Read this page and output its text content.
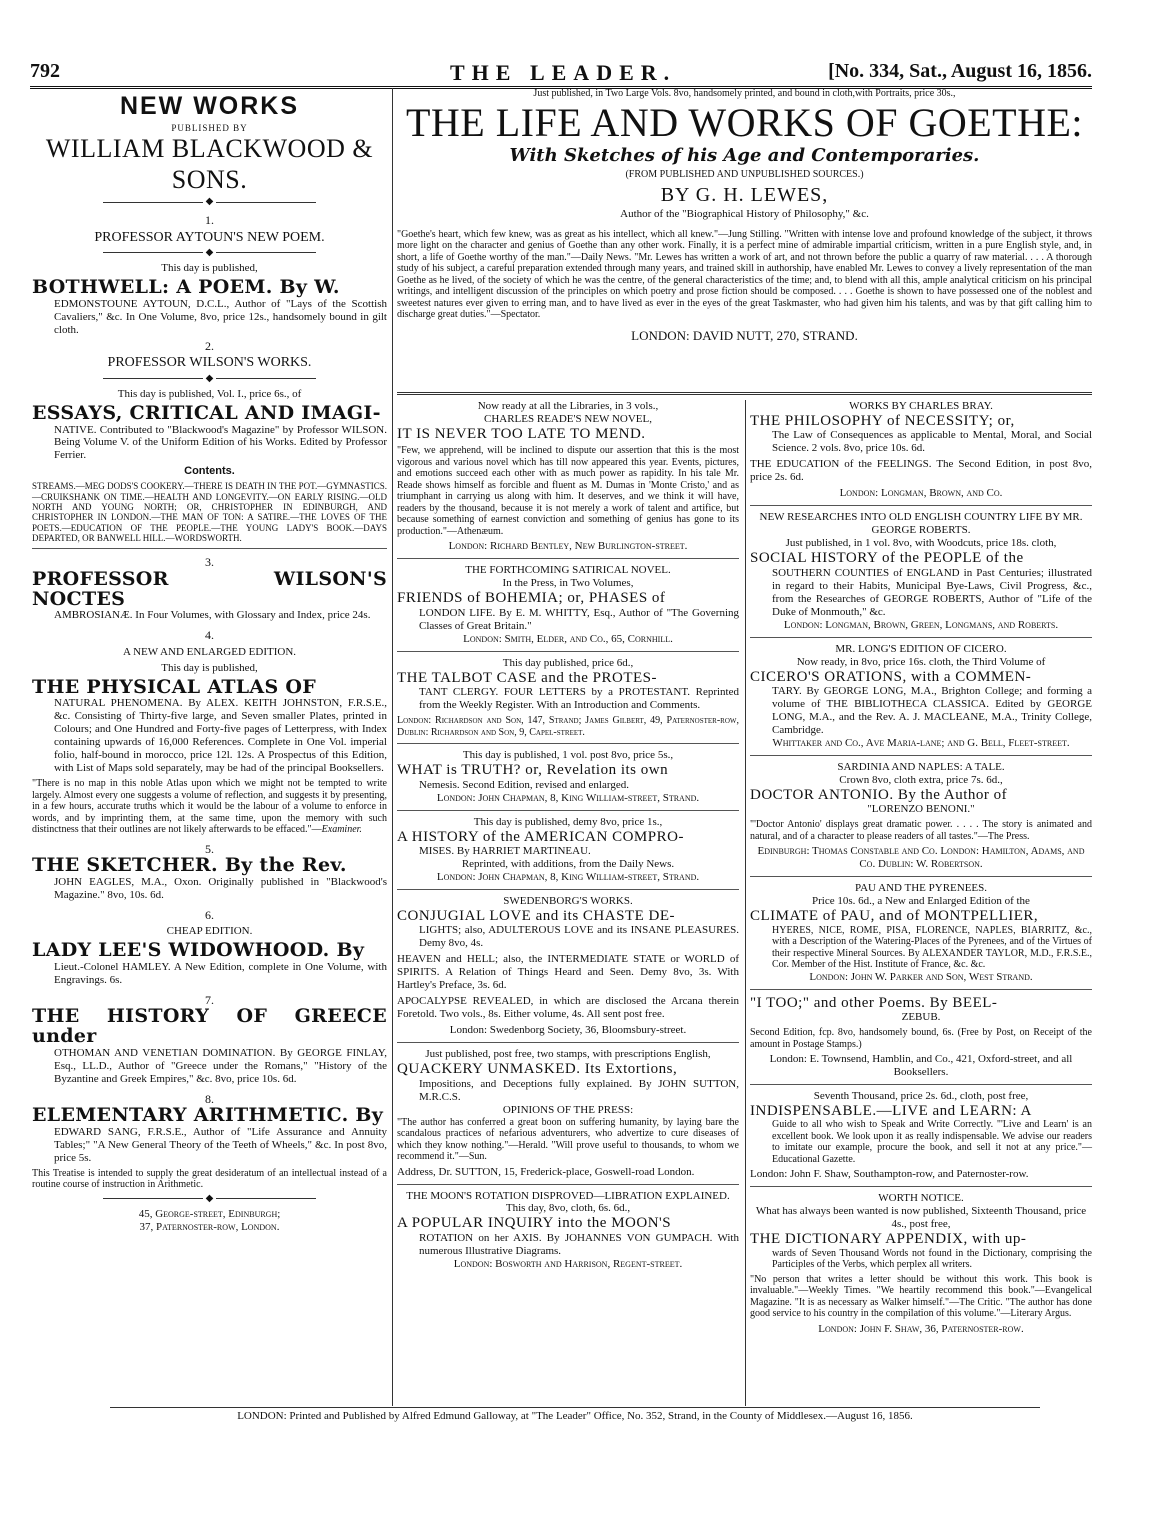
792	THE LEADER.	[No. 334, Sat., August 16, 1856.
NEW WORKS
PUBLISHED BY
WILLIAM BLACKWOOD & SONS.
◆
1.
PROFESSOR AYTOUN'S NEW POEM.
◆
This day is published,
BOTHWELL: A POEM. By W.
EDMONSTOUNE AYTOUN, D.C.L., Author of "Lays of the Scottish Cavaliers," &c. In One Volume, 8vo, price 12s., handsomely bound in gilt cloth.
2.
PROFESSOR WILSON'S WORKS.
◆
This day is published, Vol. I., price 6s., of
ESSAYS, CRITICAL AND IMAGI-
NATIVE. Contributed to "Blackwood's Magazine" by Professor WILSON. Being Volume V. of the Uniform Edition of his Works. Edited by Professor Ferrier.
Contents.
STREAMS.—MEG DODS'S COOKERY.—THERE IS DEATH IN THE POT.—GYMNASTICS.—CRUIKSHANK ON TIME.—HEALTH AND LONGEVITY.—ON EARLY RISING.—OLD NORTH AND YOUNG NORTH; OR, CHRISTOPHER IN EDINBURGH, AND CHRISTOPHER IN LONDON.—THE MAN OF TON: A SATIRE.—THE LOVES OF THE POETS.—EDUCATION OF THE PEOPLE.—THE YOUNG LADY'S BOOK.—DAYS DEPARTED, OR BANWELL HILL.—WORDSWORTH.
3.
PROFESSOR WILSON'S NOCTES
AMBROSIANÆ. In Four Volumes, with Glossary and Index, price 24s.
4.
A NEW AND ENLARGED EDITION.
This day is published,
THE PHYSICAL ATLAS OF
NATURAL PHENOMENA. By ALEX. KEITH JOHNSTON, F.R.S.E., &c. Consisting of Thirty-five large, and Seven smaller Plates, printed in Colours; and One Hundred and Forty-five pages of Letterpress, with Index containing upwards of 16,000 References. Complete in One Vol. imperial folio, half-bound in morocco, price 12l. 12s. A Prospectus of this Edition, with List of Maps sold separately, may be had of the principal Booksellers.
"There is no map in this noble Atlas upon which we might not be tempted to write largely. Almost every one suggests a volume of reflection, and suggests it by presenting, in a few hours, accurate truths which it would be the labour of a volume to enforce in words, and by imprinting them, at the same time, upon the memory with such distinctness that their outlines are not likely afterwards to be effaced."—Examiner.
5.
THE SKETCHER. By the Rev.
JOHN EAGLES, M.A., Oxon. Originally published in "Blackwood's Magazine." 8vo, 10s. 6d.
6.
CHEAP EDITION.
LADY LEE'S WIDOWHOOD. By
Lieut.-Colonel HAMLEY. A New Edition, complete in One Volume, with Engravings. 6s.
7.
THE HISTORY OF GREECE under
OTHOMAN AND VENETIAN DOMINATION. By GEORGE FINLAY, Esq., LL.D., Author of "Greece under the Romans," "History of the Byzantine and Greek Empires," &c. 8vo, price 10s. 6d.
8.
ELEMENTARY ARITHMETIC. By
EDWARD SANG, F.R.S.E., Author of "Life Assurance and Annuity Tables;" "A New General Theory of the Teeth of Wheels," &c. In post 8vo, price 5s.
This Treatise is intended to supply the great desideratum of an intellectual instead of a routine course of instruction in Arithmetic.
◆
45, George-street, Edinburgh;
37, Paternoster-row, London.
Just published, in Two Large Vols. 8vo, handsomely printed, and bound in cloth,with Portraits, price 30s.,
THE LIFE AND WORKS OF GOETHE:
With Sketches of his Age and Contemporaries.
(FROM PUBLISHED AND UNPUBLISHED SOURCES.)
BY G. H. LEWES,
Author of the "Biographical History of Philosophy," &c.
"Goethe's heart, which few knew, was as great as his intellect, which all knew."—Jung Stilling. "Written with intense love and profound knowledge of the subject, it throws more light on the character and genius of Goethe than any other work. Finally, it is a perfect mine of admirable impartial criticism, written in a pure English style, and, in short, a life of Goethe worthy of the man."—Daily News. "Mr. Lewes has written a work of art, and not thrown before the public a quarry of raw material. . . . A thorough study of his subject, a careful preparation extended through many years, and trained skill in authorship, have enabled Mr. Lewes to convey a lively representation of the man Goethe as he lived, of the society of which he was the centre, of the general characteristics of the time; and, to blend with all this, ample analytical criticism on his principal writings, and intelligent discussion of the principles on which poetry and prose fiction should be composed. . . . Goethe is shown to have possessed one of the noblest and sweetest natures ever given to erring man, and to have lived as ever in the eyes of the great Taskmaster, who had given him his talents, and was by that gift calling him to discharge great duties."—Spectator.
LONDON: DAVID NUTT, 270, STRAND.
Now ready at all the Libraries, in 3 vols.,
CHARLES READE'S NEW NOVEL,
IT IS NEVER TOO LATE TO MEND.
"Few, we apprehend, will be inclined to dispute our assertion that this is the most vigorous and various novel which has till now appeared this year. Events, pictures, and emotions succeed each other with as much power as rapidity. In his tale Mr. Reade shows himself as forcible and fluent as M. Dumas in 'Monte Cristo,' and as triumphant in carrying us along with him. It deserves, and we think it will have, readers by the thousand, because it is not merely a work of talent and artifice, but because something of earnest conviction and something of genius has gone to its production."—Athenæum.
London: Richard Bentley, New Burlington-street.
THE FORTHCOMING SATIRICAL NOVEL.
In the Press, in Two Volumes,
FRIENDS of BOHEMIA; or, PHASES of
LONDON LIFE. By E. M. WHITTY, Esq., Author of "The Governing Classes of Great Britain."
London: Smith, Elder, and Co., 65, Cornhill.
This day published, price 6d.,
THE TALBOT CASE and the PROTES-
TANT CLERGY. FOUR LETTERS by a PROTESTANT. Reprinted from the Weekly Register. With an Introduction and Comments.
London: Richardson and Son, 147, Strand; James Gilbert, 49, Paternoster-row, Dublin: Richardson and Son, 9, Capel-street.
This day is published, 1 vol. post 8vo, price 5s.,
WHAT is TRUTH? or, Revelation its own
Nemesis. Second Edition, revised and enlarged.
London: John Chapman, 8, King William-street, Strand.
This day is published, demy 8vo, price 1s.,
A HISTORY of the AMERICAN COMPRO-
MISES. By HARRIET MARTINEAU.
Reprinted, with additions, from the Daily News.
London: John Chapman, 8, King William-street, Strand.
SWEDENBORG'S WORKS.
CONJUGIAL LOVE and its CHASTE DE-
LIGHTS; also, ADULTEROUS LOVE and its INSANE PLEASURES. Demy 8vo, 4s.
HEAVEN and HELL; also, the INTERMEDIATE STATE or WORLD of SPIRITS. A Relation of Things Heard and Seen. Demy 8vo, 3s. With Hartley's Preface, 3s. 6d.
APOCALYPSE REVEALED, in which are disclosed the Arcana therein Foretold. Two vols., 8s. Either volume, 4s. All sent post free.
London: Swedenborg Society, 36, Bloomsbury-street.
Just published, post free, two stamps, with prescriptions English,
QUACKERY UNMASKED. Its Extortions,
Impositions, and Deceptions fully explained. By JOHN SUTTON, M.R.C.S.
OPINIONS OF THE PRESS:
"The author has conferred a great boon on suffering humanity, by laying bare the scandalous practices of nefarious adventurers, who advertize to cure diseases of which they know nothing."—Herald. "Will prove useful to thousands, to whom we recommend it."—Sun.
Address, Dr. SUTTON, 15, Frederick-place, Goswell-road London.
THE MOON'S ROTATION DISPROVED—LIBRATION EXPLAINED.
This day, 8vo, cloth, 6s. 6d.,
A POPULAR INQUIRY into the MOON'S
ROTATION on her AXIS. By JOHANNES VON GUMPACH. With numerous Illustrative Diagrams.
London: Bosworth and Harrison, Regent-street.
WORKS BY CHARLES BRAY.
THE PHILOSOPHY of NECESSITY; or,
The Law of Consequences as applicable to Mental, Moral, and Social Science. 2 vols. 8vo, price 10s. 6d.
THE EDUCATION of the FEELINGS. The Second Edition, in post 8vo, price 2s. 6d.
London: Longman, Brown, and Co.
NEW RESEARCHES INTO OLD ENGLISH COUNTRY LIFE BY MR. GEORGE ROBERTS.
Just published, in 1 vol. 8vo, with Woodcuts, price 18s. cloth,
SOCIAL HISTORY of the PEOPLE of the
SOUTHERN COUNTIES of ENGLAND in Past Centuries; illustrated in regard to their Habits, Municipal Bye-Laws, Civil Progress, &c., from the Researches of GEORGE ROBERTS, Author of "Life of the Duke of Monmouth," &c.
London: Longman, Brown, Green, Longmans, and Roberts.
MR. LONG'S EDITION OF CICERO.
Now ready, in 8vo, price 16s. cloth, the Third Volume of
CICERO'S ORATIONS, with a COMMEN-
TARY. By GEORGE LONG, M.A., Brighton College; and forming a volume of THE BIBLIOTHECA CLASSICA. Edited by GEORGE LONG, M.A., and the Rev. A. J. MACLEANE, M.A., Trinity College, Cambridge.
Whittaker and Co., Ave Maria-lane; and G. Bell, Fleet-street.
SARDINIA AND NAPLES: A TALE.
Crown 8vo, cloth extra, price 7s. 6d.,
DOCTOR ANTONIO. By the Author of
"LORENZO BENONI."
"'Doctor Antonio' displays great dramatic power. . . . . The story is animated and natural, and of a character to please readers of all tastes."—The Press.
Edinburgh: Thomas Constable and Co. London: Hamilton, Adams, and Co. Dublin: W. Robertson.
PAU AND THE PYRENEES.
Price 10s. 6d., a New and Enlarged Edition of the
CLIMATE of PAU, and of MONTPELLIER,
HYERES, NICE, ROME, PISA, FLORENCE, NAPLES, BIARRITZ, &c., with a Description of the Watering-Places of the Pyrenees, and of the Virtues of their respective Mineral Sources. By ALEXANDER TAYLOR, M.D., F.R.S.E., Cor. Member of the Hist. Institute of France, &c. &c.
London: John W. Parker and Son, West Strand.
"I TOO;" and other Poems. By BEEL-
ZEBUB.
Second Edition, fcp. 8vo, handsomely bound, 6s. (Free by Post, on Receipt of the amount in Postage Stamps.)
London: E. Townsend, Hamblin, and Co., 421, Oxford-street, and all Booksellers.
Seventh Thousand, price 2s. 6d., cloth, post free,
INDISPENSABLE.—LIVE and LEARN: A
Guide to all who wish to Speak and Write Correctly. "'Live and Learn' is an excellent book. We look upon it as really indispensable. We advise our readers to imitate our example, procure the book, and sell it not at any price."—Educational Gazette.
London: John F. Shaw, Southampton-row, and Paternoster-row.
WORTH NOTICE.
What has always been wanted is now published, Sixteenth Thousand, price 4s., post free,
THE DICTIONARY APPENDIX, with up-
wards of Seven Thousand Words not found in the Dictionary, comprising the Participles of the Verbs, which perplex all writers.
"No person that writes a letter should be without this work. This book is invaluable."—Weekly Times. "We heartily recommend this book."—Evangelical Magazine. "It is as necessary as Walker himself."—The Critic. "The author has done good service to his country in the compilation of this volume."—Literary Argus.
London: John F. Shaw, 36, Paternoster-row.
LONDON: Printed and Published by Alfred Edmund Galloway, at "The Leader" Office, No. 352, Strand, in the County of Middlesex.—August 16, 1856.
